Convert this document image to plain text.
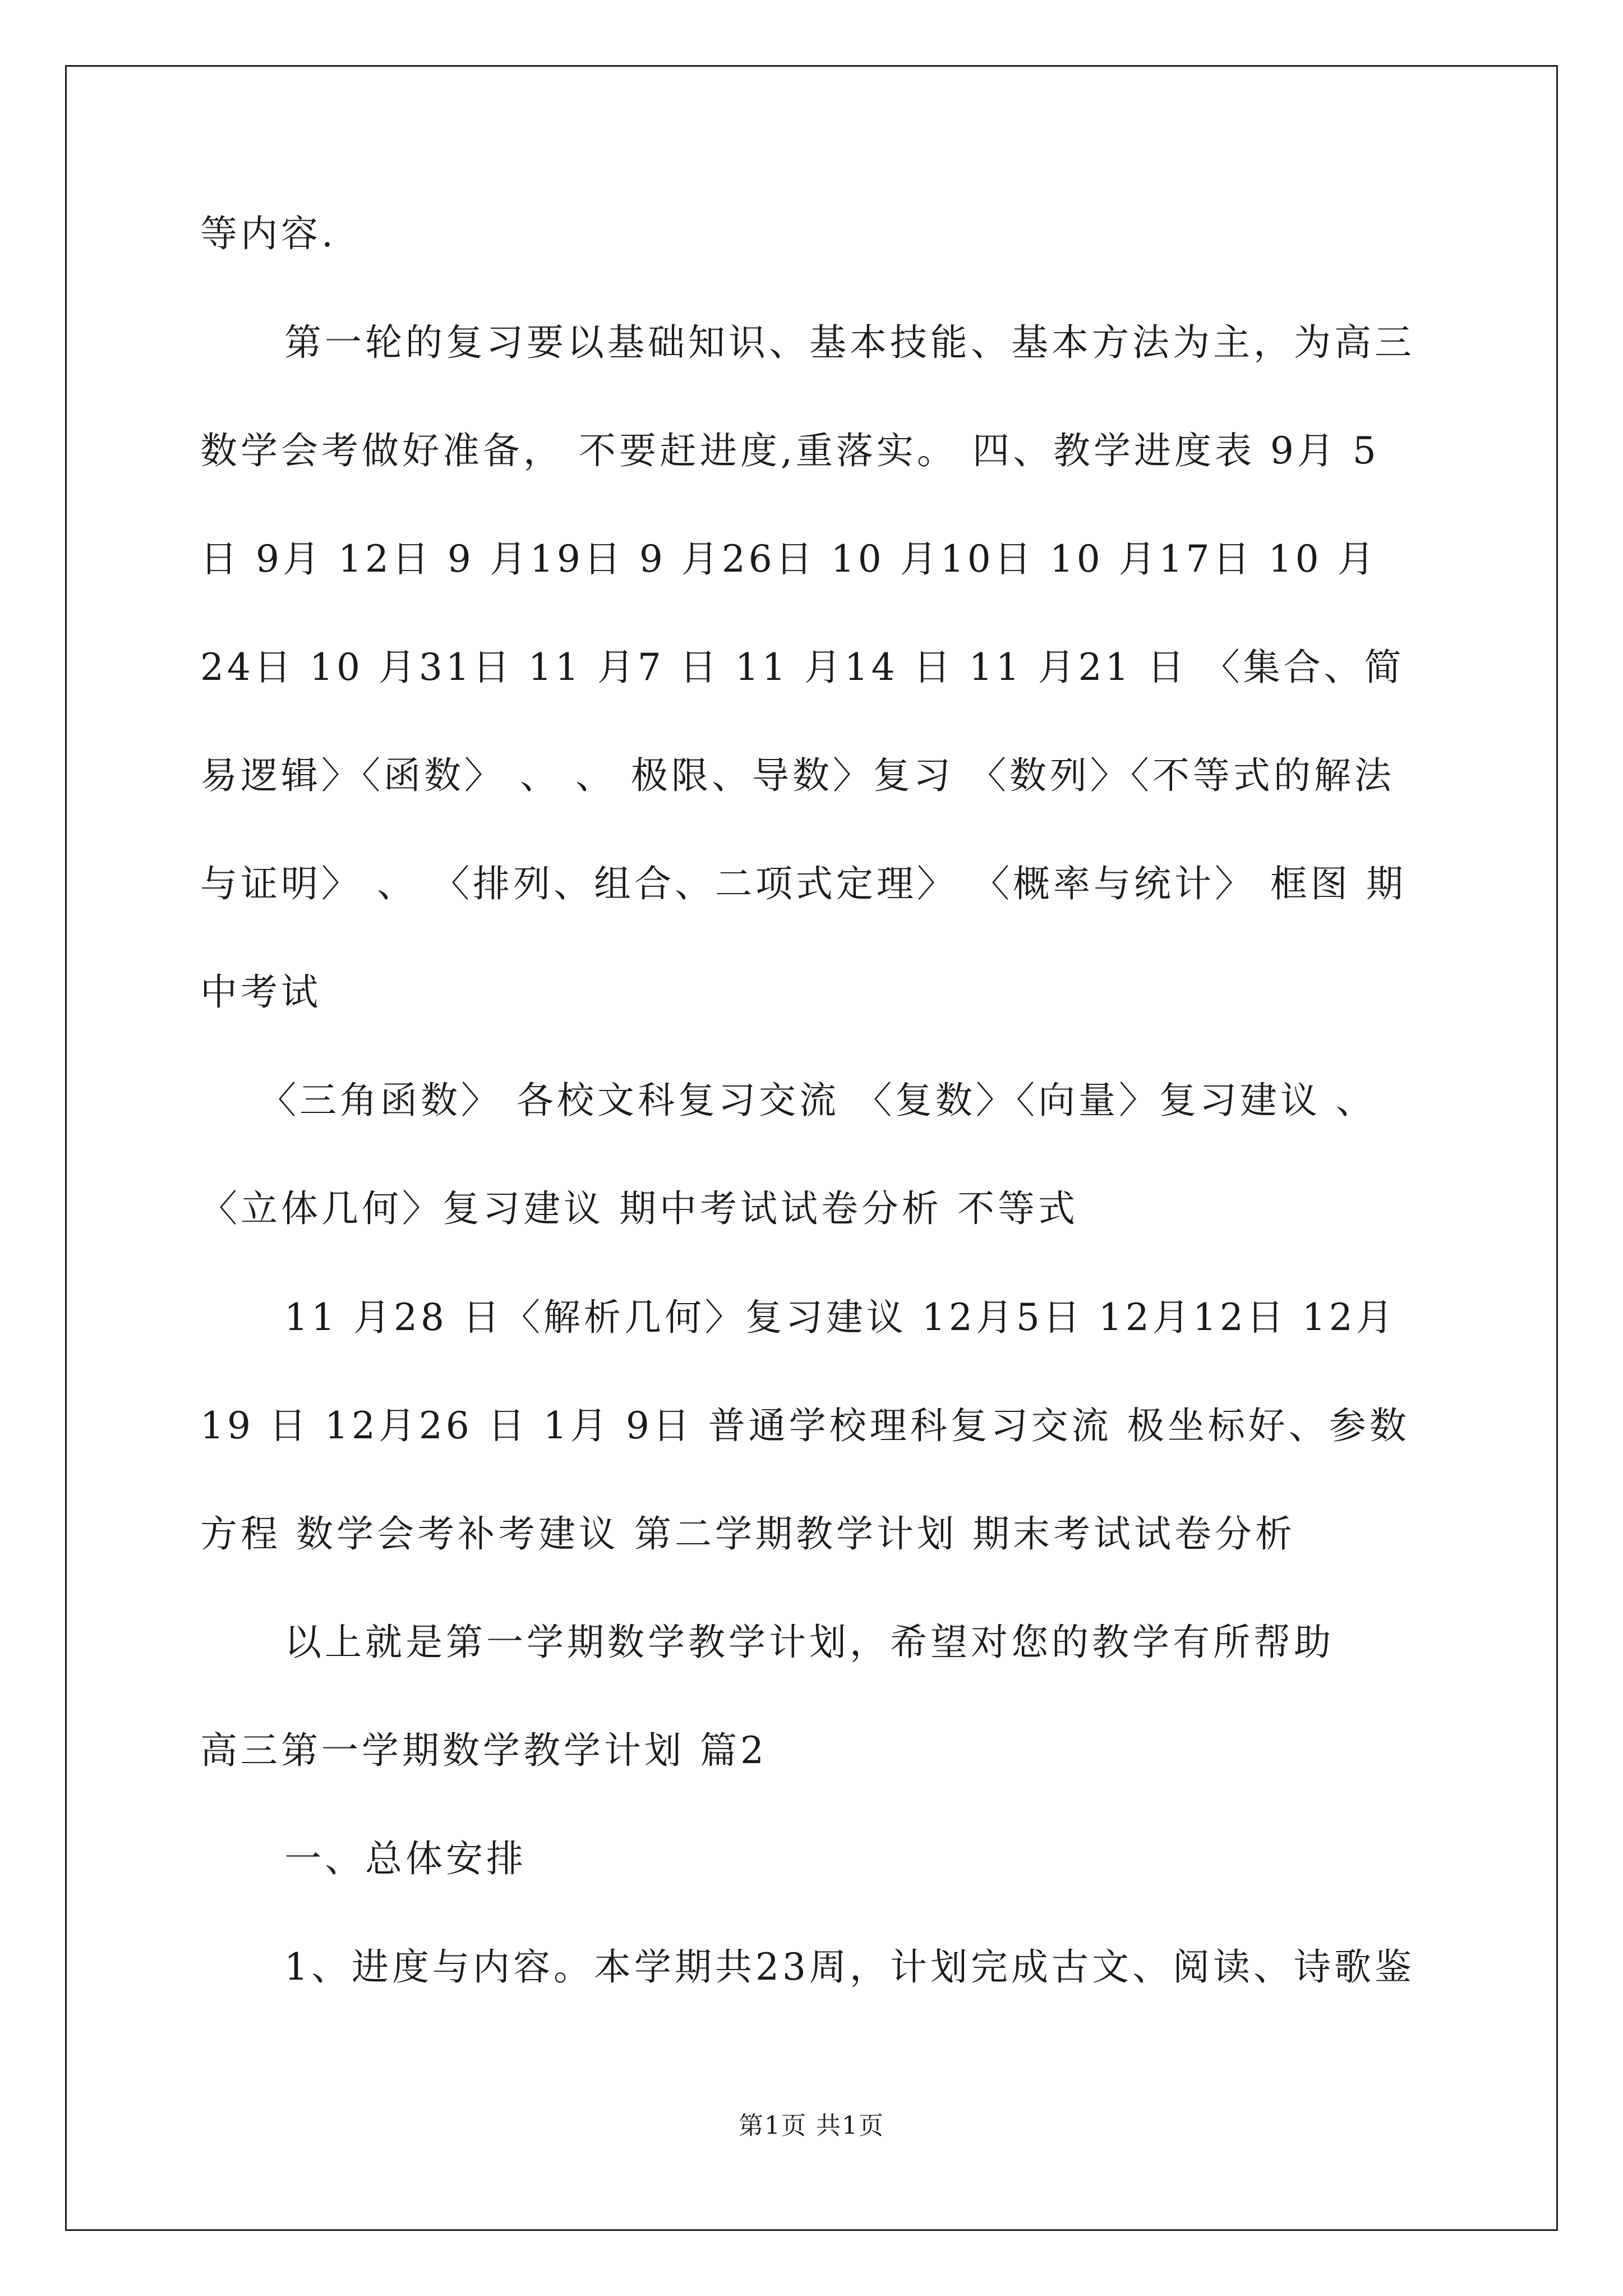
等内容.
第一轮的复习要以基础知识、基本技能、基本方法为主，为高三
数学会考做好准备， 不要赶进度,重落实。 四、教学进度表 9月 5
日 9月 12日 9 月19日 9 月26日 10 月10日 10 月17日 10 月
24日 10 月31日 11 月7 日 11 月14 日 11 月21 日 〈集合、简
易逻辑〉〈函数〉 、 、 极限、导数〉复习 〈数列〉〈不等式的解法
与证明〉 、 〈排列、组合、二项式定理〉 〈概率与统计〉 框图 期
中考试
〈三角函数〉 各校文科复习交流 〈复数〉〈向量〉复习建议 、
〈立体几何〉复习建议 期中考试试卷分析 不等式
11 月28 日〈解析几何〉复习建议 12月5日 12月12日 12月
19 日 12月26 日 1月 9日 普通学校理科复习交流 极坐标好、参数
方程 数学会考补考建议 第二学期教学计划 期末考试试卷分析
以上就是第一学期数学教学计划，希望对您的教学有所帮助
高三第一学期数学教学计划 篇2
一、总体安排
1、进度与内容。本学期共23周，计划完成古文、阅读、诗歌鉴
第1页 共1页
